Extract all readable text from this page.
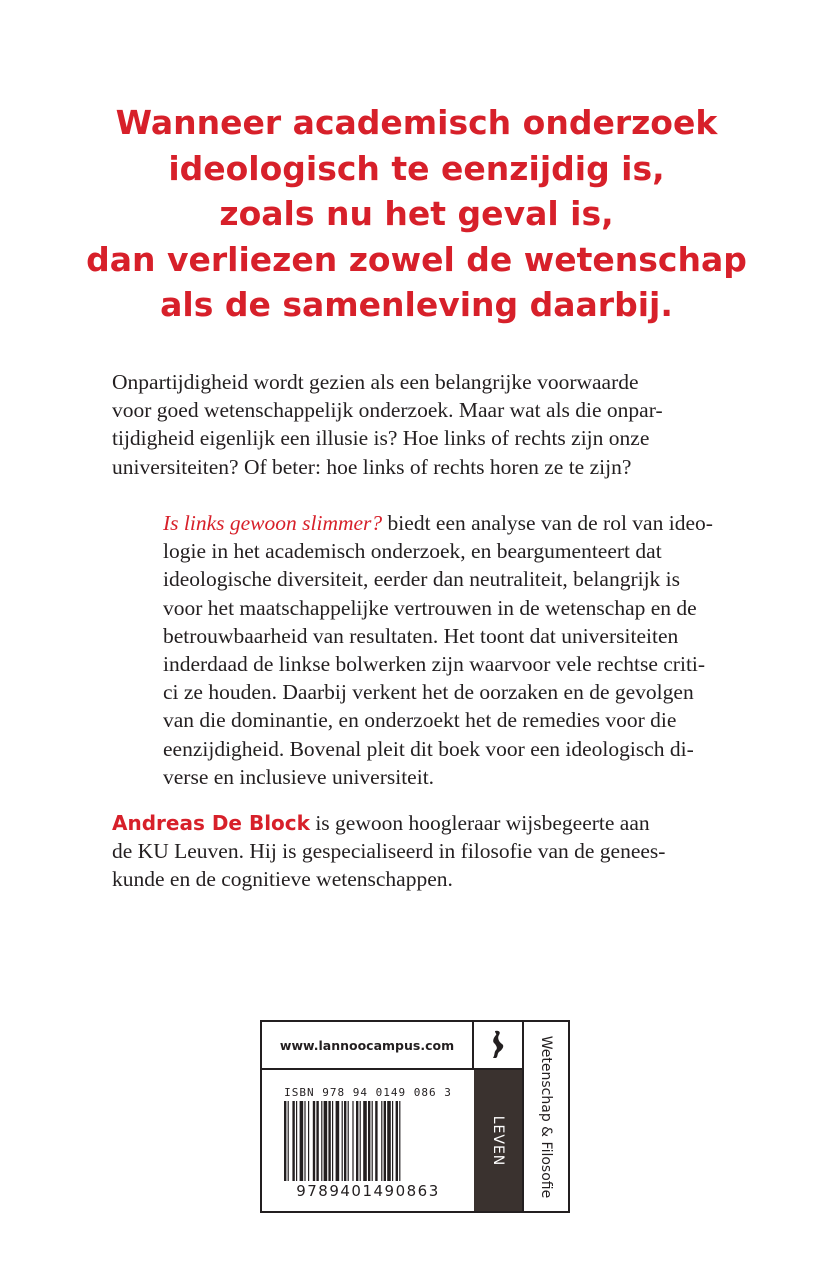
Wanneer academisch onderzoek
ideologisch te eenzijdig is,
zoals nu het geval is,
dan verliezen zowel de wetenschap
als de samenleving daarbij.

Onpartijdigheid wordt gezien als een belangrijke voorwaarde
voor goed wetenschappelijk onderzoek. Maar wat als die onpar-
tijdigheid eigenlijk een illusie is? Hoe links of rechts zijn onze
universiteiten? Of beter: hoe links of rechts horen ze te zijn?

Is links gewoon slimmer? biedt een analyse van de rol van ideo-
logie in het academisch onderzoek, en beargumenteert dat
ideologische diversiteit, eerder dan neutraliteit, belangrijk is
voor het maatschappelijke vertrouwen in de wetenschap en de
betrouwbaarheid van resultaten. Het toont dat universiteiten
inderdaad de linkse bolwerken zijn waarvoor vele rechtse criti-
ci ze houden. Daarbij verkent het de oorzaken en de gevolgen
van die dominantie, en onderzoekt het de remedies voor die
eenzijdigheid. Bovenal pleit dit boek voor een ideologisch di-
verse en inclusieve universiteit.

Andreas De Block is gewoon hoogleraar wijsbegeerte aan
de KU Leuven. Hij is gespecialiseerd in filosofie van de genees-
kunde en de cognitieve wetenschappen.

www.lannoocampus.com
ISBN 978 94 0149 086 3
9789401490863
LEVEN Wetenschap & Filosofie
